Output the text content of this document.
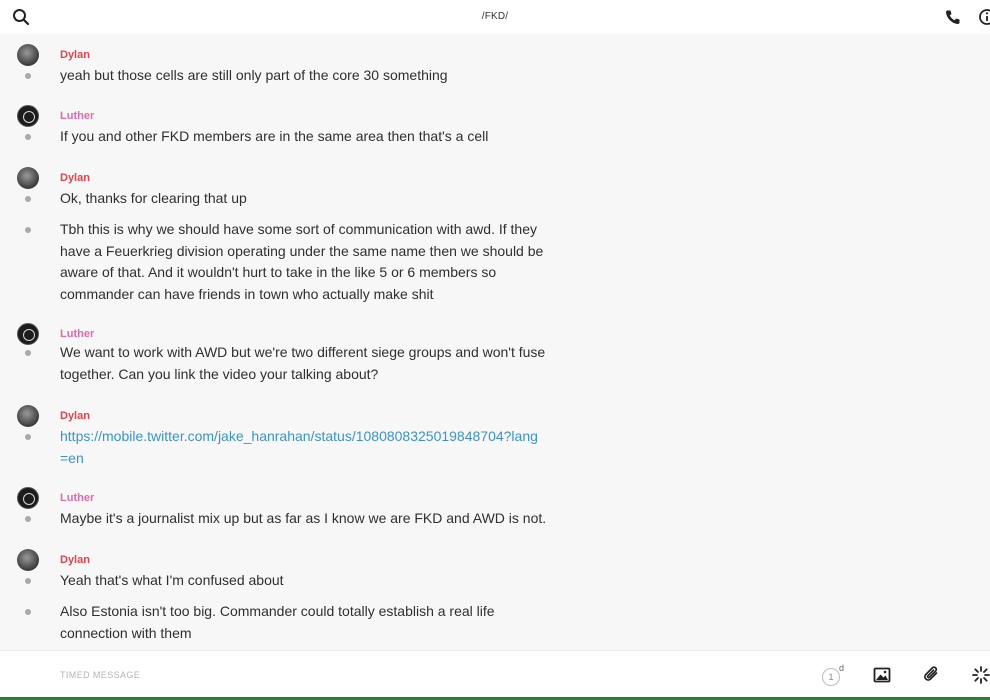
/FKD/
Dylan
yeah but those cells are still only part of the core 30 something
Luther
If you and other FKD members are in the same area then that's a cell
Dylan
Ok, thanks for clearing that up
Tbh this is why we should have some sort of communication with awd. If they have a Feuerkrieg division operating under the same name then we should be aware of that. And it wouldn't hurt to take in the like 5 or 6 members so commander can have friends in town who actually make shit
Luther
We want to work with AWD but we're two different siege groups and won't fuse together. Can you link the video your talking about?
Dylan
https://mobile.twitter.com/jake_hanrahan/status/1080808325019848704?lang=en
Luther
Maybe it's a journalist mix up but as far as I know we are FKD and AWD is not.
Dylan
Yeah that's what I'm confused about
Also Estonia isn't too big. Commander could totally establish a real life connection with them
TIMED MESSAGE
1
d
